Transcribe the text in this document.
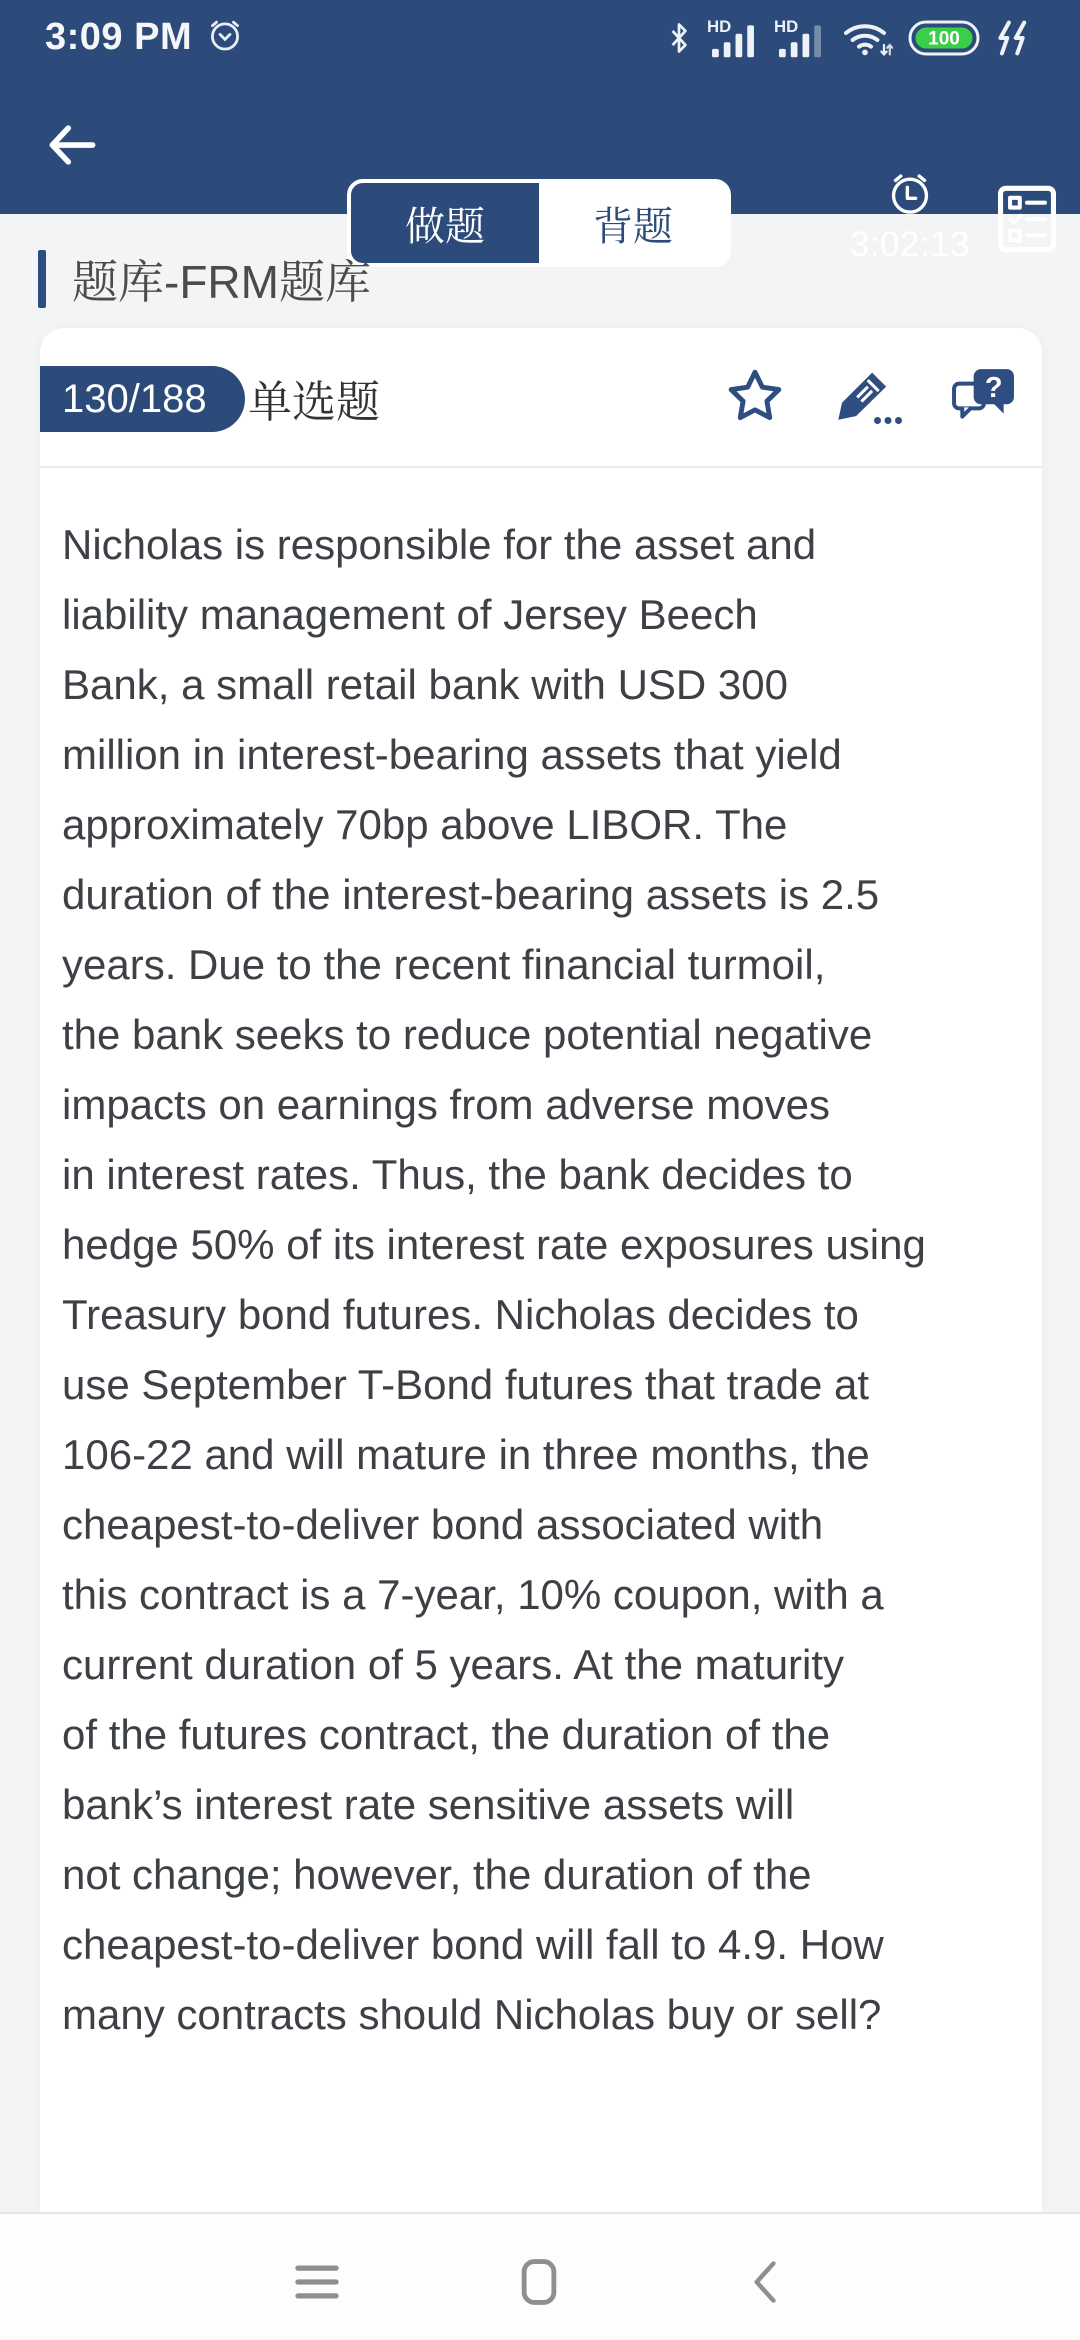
3:09 PM	HD	HD
100
做题	背题	3:02:13
题库-FRM题库
130/188 单选题	?
Nicholas is responsible for the asset and
liability management of Jersey Beech
Bank, a small retail bank with USD 300
million in interest-bearing assets that yield
approximately 70bp above LIBOR. The
duration of the interest-bearing assets is 2.5
years. Due to the recent financial turmoil,
the bank seeks to reduce potential negative
impacts on earnings from adverse moves
in interest rates. Thus, the bank decides to
hedge 50% of its interest rate exposures using
Treasury bond futures. Nicholas decides to
use September T-Bond futures that trade at
106-22 and will mature in three months, the
cheapest-to-deliver bond associated with
this contract is a 7-year, 10% coupon, with a
current duration of 5 years. At the maturity
of the futures contract, the duration of the
bank’s interest rate sensitive assets will
not change; however, the duration of the
cheapest-to-deliver bond will fall to 4.9. How
many contracts should Nicholas buy or sell?
